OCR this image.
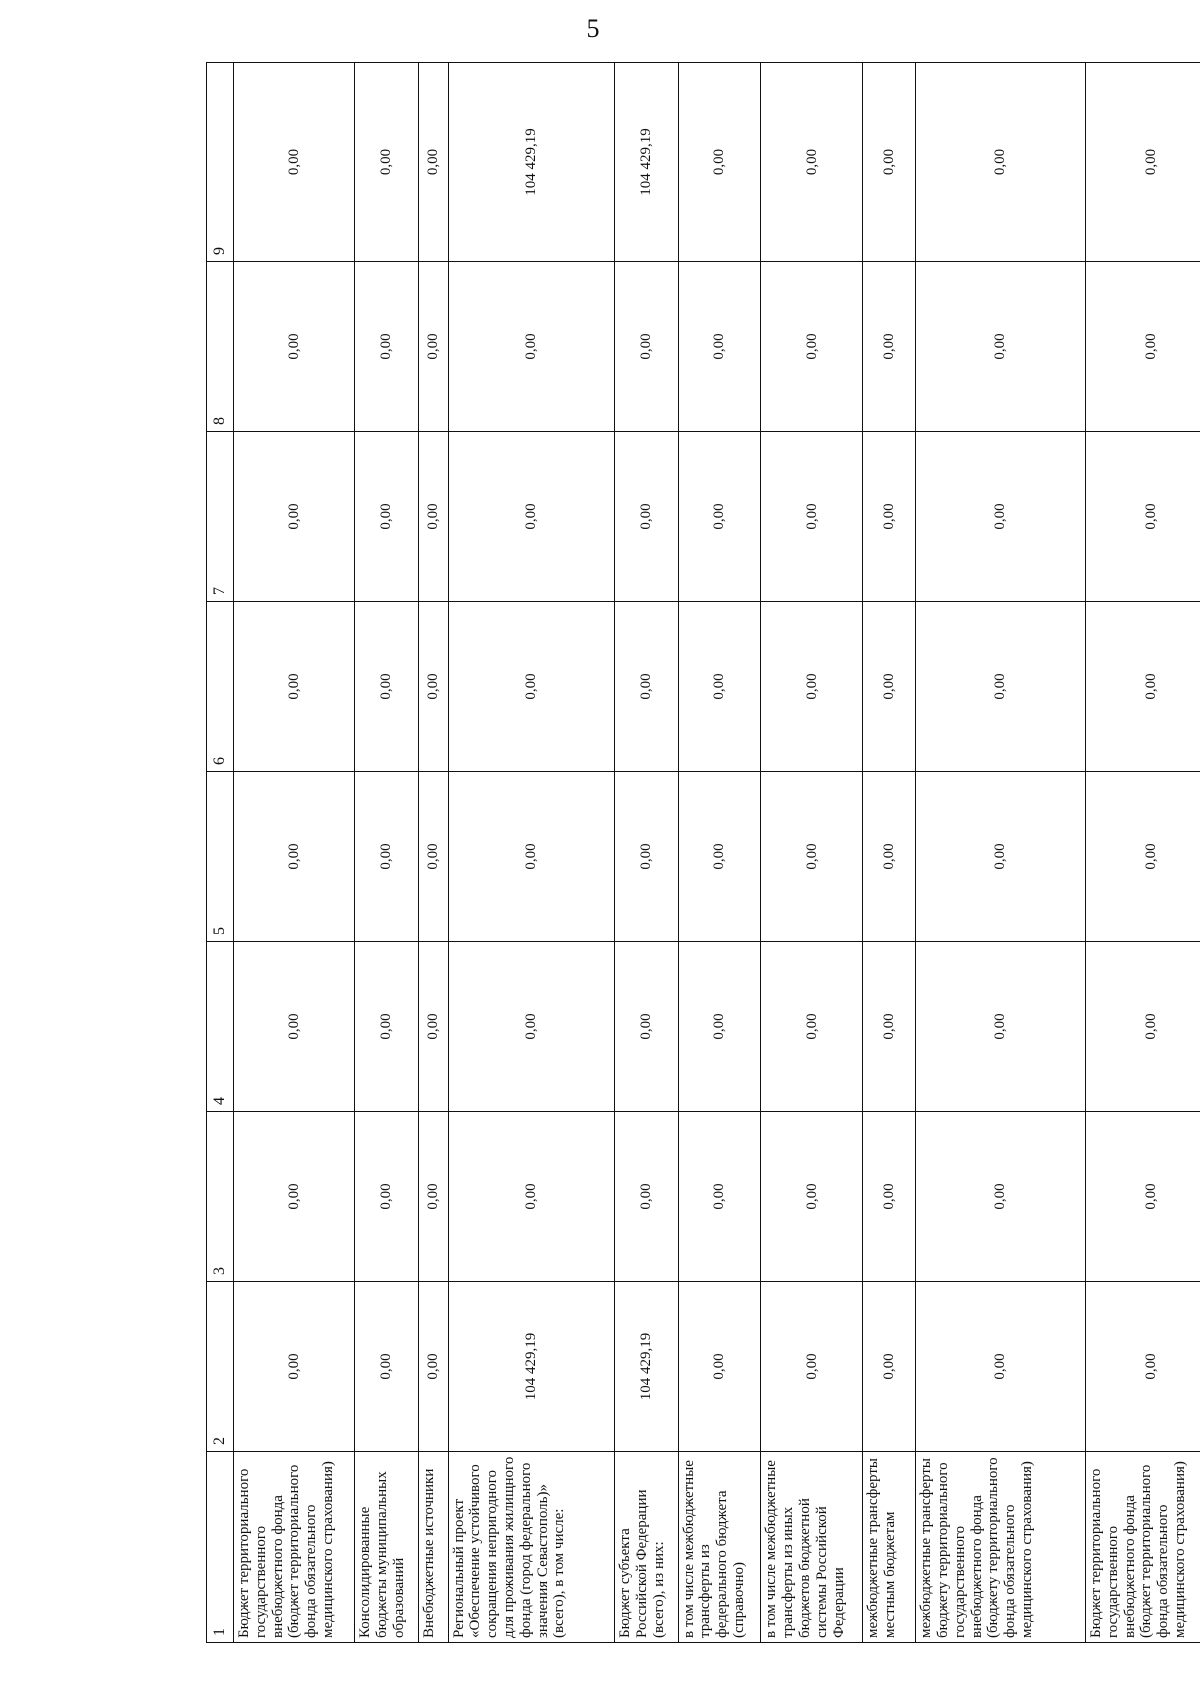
5
1	2	3	4	5	6	7	8	9
Бюджет территориального государственного внебюджетного фонда (бюджет территориального фонда обязательного медицинского страхования)	0,00	0,00	0,00	0,00	0,00	0,00	0,00	0,00
Консолидированные бюджеты муниципальных образований	0,00	0,00	0,00	0,00	0,00	0,00	0,00	0,00
Внебюджетные источники	0,00	0,00	0,00	0,00	0,00	0,00	0,00	0,00
Региональный проект «Обеспечение устойчивого сокращения непригодного для проживания жилищного фонда (город федерального значения Севастополь)» (всего), в том числе:	104 429,19	0,00	0,00	0,00	0,00	0,00	0,00	104 429,19
Бюджет субъекта Российской Федерации (всего), из них:	104 429,19	0,00	0,00	0,00	0,00	0,00	0,00	104 429,19
в том числе межбюджетные трансферты из федерального бюджета (справочно)	0,00	0,00	0,00	0,00	0,00	0,00	0,00	0,00
в том числе межбюджетные трансферты из иных бюджетов бюджетной системы Российской Федерации	0,00	0,00	0,00	0,00	0,00	0,00	0,00	0,00
межбюджетные трансферты местным бюджетам	0,00	0,00	0,00	0,00	0,00	0,00	0,00	0,00
межбюджетные трансферты бюджету территориального государственного внебюджетного фонда (бюджету территориального фонда обязательного медицинского страхования)	0,00	0,00	0,00	0,00	0,00	0,00	0,00	0,00
Бюджет территориального государственного внебюджетного фонда (бюджет территориального фонда обязательного медицинского страхования)	0,00	0,00	0,00	0,00	0,00	0,00	0,00	0,00
